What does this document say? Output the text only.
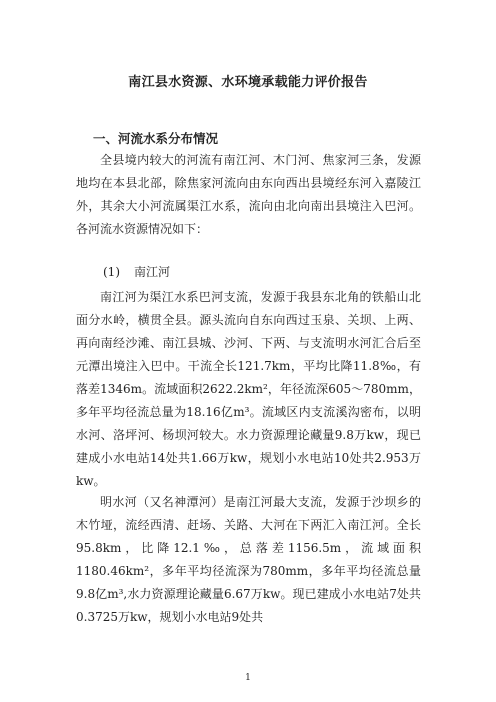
南江县水资源、水环境承载能力评价报告
一、河流水系分布情况

全县境内较大的河流有南江河、木门河、焦家河三条，发源地均在本县北部，除焦家河流向由东向西出县境经东河入嘉陵江外，其余大小河流属渠江水系，流向由北向南出县境注入巴河。各河流水资源情况如下：

(1) 南江河

南江河为渠江水系巴河支流，发源于我县东北角的铁船山北面分水岭，横贯全县。源头流向自东向西过玉泉、关坝、上两、再向南经沙滩、南江县城、沙河、下两、与支流明水河汇合后至元潭出境注入巴中。干流全长121.7km，平均比降11.8‰，有落差1346m。流域面积2622.2km²，年径流深605～780mm，多年平均径流总量为18.16亿m³。流域区内支流溪沟密布，以明水河、洛坪河、杨坝河较大。水力资源理论藏量9.8万kw，现已建成小水电站14处共1.66万kw，规划小水电站10处共2.953万kw。

明水河（又名神潭河）是南江河最大支流，发源于沙坝乡的木竹垭，流经西清、赶场、关路、大河在下两汇入南江河。全长95.8km，比降12.1‰，总落差1156.5m，流域面积1180.46km²，多年平均径流深为780mm，多年平均径流总量9.8亿m³,水力资源理论藏量6.67万kw。现已建成小水电站7处共0.3725万kw，规划小水电站9处共

1
